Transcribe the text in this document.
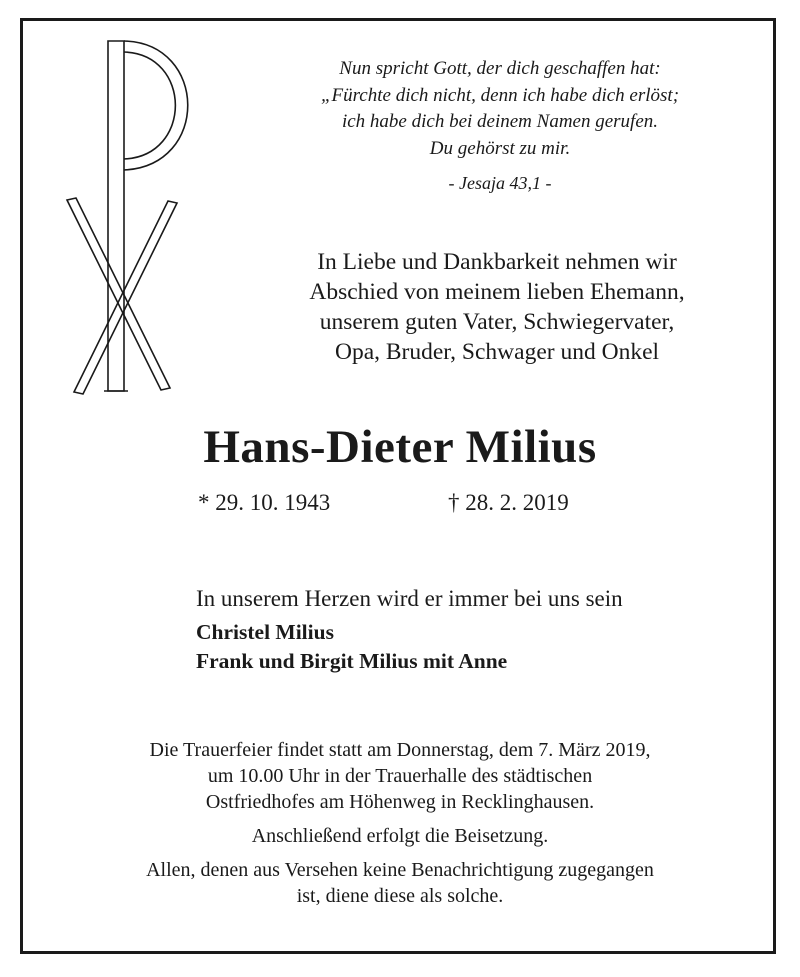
Nun spricht Gott, der dich geschaffen hat:
„Fürchte dich nicht, denn ich habe dich erlöst;
ich habe dich bei deinem Namen gerufen.
Du gehörst zu mir.
- Jesaja 43,1 -
In Liebe und Dankbarkeit nehmen wir
Abschied von meinem lieben Ehemann,
unserem guten Vater, Schwiegervater,
Opa, Bruder, Schwager und Onkel
Hans-Dieter Milius
* 29. 10. 1943	† 28. 2. 2019
In unserem Herzen wird er immer bei uns sein
Christel Milius
Frank und Birgit Milius mit Anne
Die Trauerfeier findet statt am Donnerstag, dem 7. März 2019,
um 10.00 Uhr in der Trauerhalle des städtischen
Ostfriedhofes am Höhenweg in Recklinghausen.
Anschließend erfolgt die Beisetzung.
Allen, denen aus Versehen keine Benachrichtigung zugegangen
ist, diene diese als solche.
